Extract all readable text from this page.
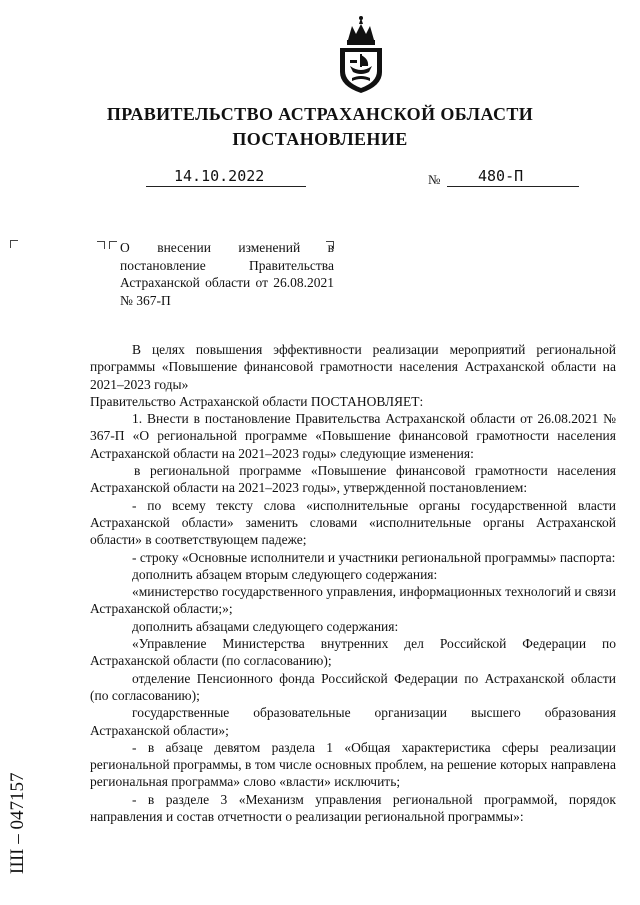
ПРАВИТЕЛЬСТВО АСТРАХАНСКОЙ ОБЛАСТИ
ПОСТАНОВЛЕНИЕ
14.10.2022	№	480-П
О внесении изменений в постановление Правительства Астраханской области от 26.08.2021 № 367-П

В целях повышения эффективности реализации мероприятий региональной программы «Повышение финансовой грамотности населения Астраханской области на 2021–2023 годы»

Правительство Астраханской области ПОСТАНОВЛЯЕТ:

1. Внести в постановление Правительства Астраханской области от 26.08.2021 № 367-П «О региональной программе «Повышение финансовой грамотности населения Астраханской области на 2021–2023 годы» следующие изменения:

в региональной программе «Повышение финансовой грамотности населения Астраханской области на 2021–2023 годы», утвержденной постановлением:

- по всему тексту слова «исполнительные органы государственной власти Астраханской области» заменить словами «исполнительные органы Астраханской области» в соответствующем падеже;

- строку «Основные исполнители и участники региональной программы» паспорта:

дополнить абзацем вторым следующего содержания:

«министерство государственного управления, информационных технологий и связи Астраханской области;»;

дополнить абзацами следующего содержания:

«Управление Министерства внутренних дел Российской Федерации по Астраханской области (по согласованию);

отделение Пенсионного фонда Российской Федерации по Астраханской области (по согласованию);

государственные образовательные организации высшего образования Астраханской области»;

- в абзаце девятом раздела 1 «Общая характеристика сферы реализации региональной программы, в том числе основных проблем, на решение которых направлена региональная программа» слово «власти» исключить;

- в разделе 3 «Механизм управления региональной программой, порядок направления и состав отчетности о реализации региональной программы»:

ШI – 047157
